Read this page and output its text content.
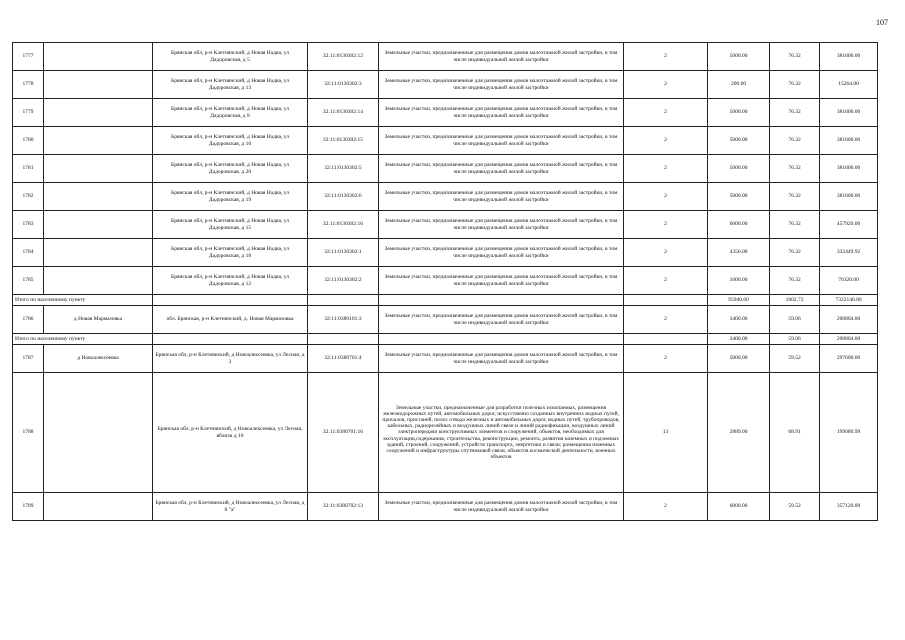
107
1777		Брянская обл, р-н Клетнянский, д Новая Надва, ул Дадоровская, д 5	32:11:0130302:12	Земельные участки, предназначенные для размещения домов малоэтажной жилой застройки, в том числе индивидуальной жилой застройки	2	5000.00	76.32	381600.00
1778		Брянская обл, р-н Клетнянский, д Новая Надва, ул Дадоровская, д 13	32:11:0130302:3	Земельные участки, предназначенные для размещения домов малоэтажной жилой застройки, в том числе индивидуальной жилой застройки	2	200.00	76.32	15264.00
1779		Брянская обл, р-н Клетнянский, д Новая Надва, ул Дадоровская, д 8	32:11:0130302:14	Земельные участки, предназначенные для размещения домов малоэтажной жилой застройки, в том числе индивидуальной жилой застройки	2	5000.00	76.32	381600.00
1780		Брянская обл, р-н Клетнянский, д Новая Надва, ул Дадоровская, д 16	32:11:0130302:15	Земельные участки, предназначенные для размещения домов малоэтажной жилой застройки, в том числе индивидуальной жилой застройки	2	5000.00	76.32	381600.00
1781		Брянская обл, р-н Клетнянский, д Новая Надва, ул Дадоровская, д 20	32:11:0130302:5	Земельные участки, предназначенные для размещения домов малоэтажной жилой застройки, в том числе индивидуальной жилой застройки	2	5000.00	76.32	381600.00
1782		Брянская обл, р-н Клетнянский, д Новая Надва, ул Дадоровская, д 19	32:11:0130302:6	Земельные участки, предназначенные для размещения домов малоэтажной жилой застройки, в том числе индивидуальной жилой застройки	2	5000.00	76.32	381600.00
1783		Брянская обл, р-н Клетнянский, д Новая Надва, ул Дадоровская, д 15	32:11:0130302:16	Земельные участки, предназначенные для размещения домов малоэтажной жилой застройки, в том числе индивидуальной жилой застройки	2	6000.00	76.32	457920.00
1784		Брянская обл, р-н Клетнянский, д Новая Надва, ул Дадоровская, д 18	32:11:0130302:1	Земельные участки, предназначенные для размещения домов малоэтажной жилой застройки, в том числе индивидуальной жилой застройки	2	4356.00	76.32	332449.92
1785		Брянская обл, р-н Клетнянский, д Новая Надва, ул Дадоровская, д 12	32:11:0130302:2	Земельные участки, предназначенные для размещения домов малоэтажной жилой застройки, в том числе индивидуальной жилой застройки	2	1000.00	76.32	76320.00
Итого по населенному пункту						95940.00	1602.72	7322140.80
1786	д Новая Мармазовка	обл. Брянская, р-н Клетнянский, д. Новая Мармазовка	32:11:0380101:3	Земельные участки, предназначенные для размещения домов малоэтажной жилой застройки, в том числе индивидуальной жилой застройки	2	3400.00	59.06	200804.00
Итого по населенному пункту						3400.00	59.06	200804.00
1787	д Новоалексеевка	Брянская обл, р-н Клетнянский, д Новоалексеевка, ул Лесная, д 3	32:11:0380701:4	Земельные участки, предназначенные для размещения домов малоэтажной жилой застройки, в том числе индивидуальной жилой застройки	2	5000.00	59.52	297600.00
1788		Брянская обл, р-н Клетнянский, д Новоалексеевка, ул Лесная, вблизи д 10	32:11:0380701:16	Земельные участки, предназначенные для разработки полезных ископаемых, размещения железнодорожных путей, автомобильных дорог, искусственно созданных внутренних водных путей, причалов, пристаней, полос отвода железных и автомобильных дорог, водных путей, трубопроводов, кабельных, радиорелейных и воздушных линий связи и линий радиофикации, воздушных линий электропередачи конструктивных элементов и сооружений, объектов, необходимых для эксплуатации,содержания, строительства, реконструкции, ремонта, развития наземных и подземных зданий, строений, сооружений, устройств транспорта, энергетики и связи; размещения наземных сооружений и инфраструктуры спутниковой связи, объектов космической деятельности, военных объектов	13	2889.00	68.91	199080.99
1789		Брянская обл, р-н Клетнянский, д Новоалексеевка, ул Лесная, д 8 "а"	32:11:0380702:13	Земельные участки, предназначенные для размещения домов малоэтажной жилой застройки, в том числе индивидуальной жилой застройки	2	6000.00	59.52	357120.00
